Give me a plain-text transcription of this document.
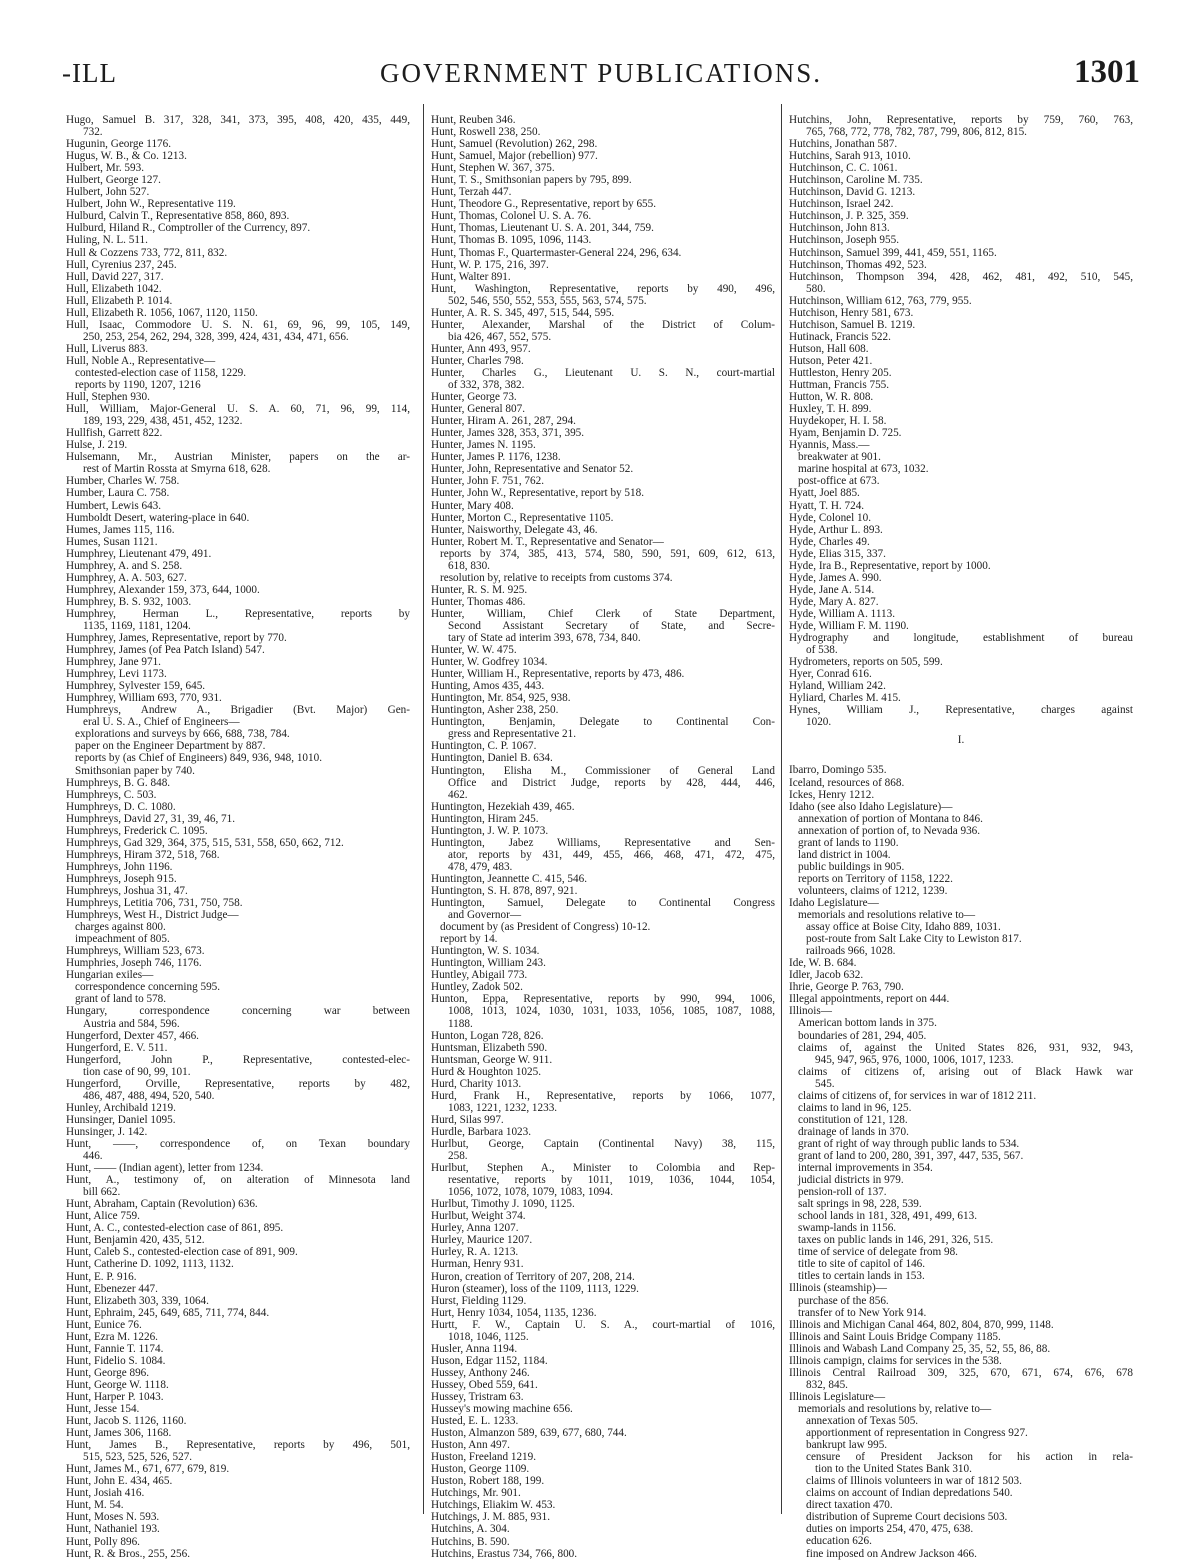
-ILL	GOVERNMENT PUBLICATIONS.	1301
Hugo, Samuel B. 317, 328, 341, 373, 395, 408, 420, 435, 449,
732.
Hugunin, George 1176.
Hugus, W. B., & Co. 1213.
Hulbert, Mr. 593.
Hulbert, George 127.
Hulbert, John 527.
Hulbert, John W., Representative 119.
Hulburd, Calvin T., Representative 858, 860, 893.
Hulburd, Hiland R., Comptroller of the Currency, 897.
Huling, N. L. 511.
Hull & Cozzens 733, 772, 811, 832.
Hull, Cyrenius 237, 245.
Hull, David 227, 317.
Hull, Elizabeth 1042.
Hull, Elizabeth P. 1014.
Hull, Elizabeth R. 1056, 1067, 1120, 1150.
Hull, Isaac, Commodore U. S. N. 61, 69, 96, 99, 105, 149,
250, 253, 254, 262, 294, 328, 399, 424, 431, 434, 471, 656.
Hull, Liverus 883.
Hull, Noble A., Representative—
contested-election case of 1158, 1229.
reports by 1190, 1207, 1216
Hull, Stephen 930.
Hull, William, Major-General U. S. A. 60, 71, 96, 99, 114,
189, 193, 229, 438, 451, 452, 1232.
Hullfish, Garrett 822.
Hulse, J. 219.
Hulsemann, Mr., Austrian Minister, papers on the ar-
rest of Martin Rossta at Smyrna 618, 628.
Humber, Charles W. 758.
Humber, Laura C. 758.
Humbert, Lewis 643.
Humboldt Desert, watering-place in 640.
Humes, James 115, 116.
Humes, Susan 1121.
Humphrey, Lieutenant 479, 491.
Humphrey, A. and S. 258.
Humphrey, A. A. 503, 627.
Humphrey, Alexander 159, 373, 644, 1000.
Humphrey, B. S. 932, 1003.
Humphrey, Herman L., Representative, reports by
1135, 1169, 1181, 1204.
Humphrey, James, Representative, report by 770.
Humphrey, James (of Pea Patch Island) 547.
Humphrey, Jane 971.
Humphrey, Levi 1173.
Humphrey, Sylvester 159, 645.
Humphrey, William 693, 770, 931.
Humphreys, Andrew A., Brigadier (Bvt. Major) Gen-
eral U. S. A., Chief of Engineers—
explorations and surveys by 666, 688, 738, 784.
paper on the Engineer Department by 887.
reports by (as Chief of Engineers) 849, 936, 948, 1010.
Smithsonian paper by 740.
Humphreys, B. G. 848.
Humphreys, C. 503.
Humphreys, D. C. 1080.
Humphreys, David 27, 31, 39, 46, 71.
Humphreys, Frederick C. 1095.
Humphreys, Gad 329, 364, 375, 515, 531, 558, 650, 662, 712.
Humphreys, Hiram 372, 518, 768.
Humphreys, John 1196.
Humphreys, Joseph 915.
Humphreys, Joshua 31, 47.
Humphreys, Letitia 706, 731, 750, 758.
Humphreys, West H., District Judge—
charges against 800.
impeachment of 805.
Humphreys, William 523, 673.
Humphries, Joseph 746, 1176.
Hungarian exiles—
correspondence concerning 595.
grant of land to 578.
Hungary, correspondence concerning war between
Austria and 584, 596.
Hungerford, Dexter 457, 466.
Hungerford, E. V. 511.
Hungerford, John P., Representative, contested-elec-
tion case of 90, 99, 101.
Hungerford, Orville, Representative, reports by 482,
486, 487, 488, 494, 520, 540.
Hunley, Archibald 1219.
Hunsinger, Daniel 1095.
Hunsinger, J. 142.
Hunt, ——, correspondence of, on Texan boundary
446.
Hunt, —— (Indian agent), letter from 1234.
Hunt, A., testimony of, on alteration of Minnesota land
bill 662.
Hunt, Abraham, Captain (Revolution) 636.
Hunt, Alice 759.
Hunt, A. C., contested-election case of 861, 895.
Hunt, Benjamin 420, 435, 512.
Hunt, Caleb S., contested-election case of 891, 909.
Hunt, Catherine D. 1092, 1113, 1132.
Hunt, E. P. 916.
Hunt, Ebenezer 447.
Hunt, Elizabeth 303, 339, 1064.
Hunt, Ephraim, 245, 649, 685, 711, 774, 844.
Hunt, Eunice 76.
Hunt, Ezra M. 1226.
Hunt, Fannie T. 1174.
Hunt, Fidelio S. 1084.
Hunt, George 896.
Hunt, George W. 1118.
Hunt, Harper P. 1043.
Hunt, Jesse 154.
Hunt, Jacob S. 1126, 1160.
Hunt, James 306, 1168.
Hunt, James B., Representative, reports by 496, 501,
515, 523, 525, 526, 527.
Hunt, James M., 671, 677, 679, 819.
Hunt, John E. 434, 465.
Hunt, Josiah 416.
Hunt, M. 54.
Hunt, Moses N. 593.
Hunt, Nathaniel 193.
Hunt, Polly 896.
Hunt, R. & Bros., 255, 256.
Hunt, Reuben 346.
Hunt, Roswell 238, 250.
Hunt, Samuel (Revolution) 262, 298.
Hunt, Samuel, Major (rebellion) 977.
Hunt, Stephen W. 367, 375.
Hunt, T. S., Smithsonian papers by 795, 899.
Hunt, Terzah 447.
Hunt, Theodore G., Representative, report by 655.
Hunt, Thomas, Colonel U. S. A. 76.
Hunt, Thomas, Lieutenant U. S. A. 201, 344, 759.
Hunt, Thomas B. 1095, 1096, 1143.
Hunt, Thomas F., Quartermaster-General 224, 296, 634.
Hunt, W. P. 175, 216, 397.
Hunt, Walter 891.
Hunt, Washington, Representative, reports by 490, 496,
502, 546, 550, 552, 553, 555, 563, 574, 575.
Hunter, A. R. S. 345, 497, 515, 544, 595.
Hunter, Alexander, Marshal of the District of Colum-
bia 426, 467, 552, 575.
Hunter, Ann 493, 957.
Hunter, Charles 798.
Hunter, Charles G., Lieutenant U. S. N., court-martial
of 332, 378, 382.
Hunter, George 73.
Hunter, General 807.
Hunter, Hiram A. 261, 287, 294.
Hunter, James 328, 353, 371, 395.
Hunter, James N. 1195.
Hunter, James P. 1176, 1238.
Hunter, John, Representative and Senator 52.
Hunter, John F. 751, 762.
Hunter, John W., Representative, report by 518.
Hunter, Mary 408.
Hunter, Morton C., Representative 1105.
Hunter, Naisworthy, Delegate 43, 46.
Hunter, Robert M. T., Representative and Senator—
reports by 374, 385, 413, 574, 580, 590, 591, 609, 612, 613,
618, 830.
resolution by, relative to receipts from customs 374.
Hunter, R. S. M. 925.
Hunter, Thomas 486.
Hunter, William, Chief Clerk of State Department,
Second Assistant Secretary of State, and Secre-
tary of State ad interim 393, 678, 734, 840.
Hunter, W. W. 475.
Hunter, W. Godfrey 1034.
Hunter, William H., Representative, reports by 473, 486.
Hunting, Amos 435, 443.
Huntington, Mr. 854, 925, 938.
Huntington, Asher 238, 250.
Huntington, Benjamin, Delegate to Continental Con-
gress and Representative 21.
Huntington, C. P. 1067.
Huntington, Daniel B. 634.
Huntington, Elisha M., Commissioner of General Land
Office and District Judge, reports by 428, 444, 446,
462.
Huntington, Hezekiah 439, 465.
Huntington, Hiram 245.
Huntington, J. W. P. 1073.
Huntington, Jabez Williams, Representative and Sen-
ator, reports by 431, 449, 455, 466, 468, 471, 472, 475,
478, 479, 483.
Huntington, Jeannette C. 415, 546.
Huntington, S. H. 878, 897, 921.
Huntington, Samuel, Delegate to Continental Congress
and Governor—
document by (as President of Congress) 10-12.
report by 14.
Huntington, W. S. 1034.
Huntington, William 243.
Huntley, Abigail 773.
Huntley, Zadok 502.
Hunton, Eppa, Representative, reports by 990, 994, 1006,
1008, 1013, 1024, 1030, 1031, 1033, 1056, 1085, 1087, 1088,
1188.
Hunton, Logan 728, 826.
Huntsman, Elizabeth 590.
Huntsman, George W. 911.
Hurd & Houghton 1025.
Hurd, Charity 1013.
Hurd, Frank H., Representative, reports by 1066, 1077,
1083, 1221, 1232, 1233.
Hurd, Silas 997.
Hurdle, Barbara 1023.
Hurlbut, George, Captain (Continental Navy) 38, 115,
258.
Hurlbut, Stephen A., Minister to Colombia and Rep-
resentative, reports by 1011, 1019, 1036, 1044, 1054,
1056, 1072, 1078, 1079, 1083, 1094.
Hurlbut, Timothy J. 1090, 1125.
Hurlbut, Weight 374.
Hurley, Anna 1207.
Hurley, Maurice 1207.
Hurley, R. A. 1213.
Hurman, Henry 931.
Huron, creation of Territory of 207, 208, 214.
Huron (steamer), loss of the 1109, 1113, 1229.
Hurst, Fielding 1129.
Hurt, Henry 1034, 1054, 1135, 1236.
Hurtt, F. W., Captain U. S. A., court-martial of 1016,
1018, 1046, 1125.
Husler, Anna 1194.
Huson, Edgar 1152, 1184.
Hussey, Anthony 246.
Hussey, Obed 559, 641.
Hussey, Tristram 63.
Hussey's mowing machine 656.
Husted, E. L. 1233.
Huston, Almanzon 589, 639, 677, 680, 744.
Huston, Ann 497.
Huston, Freeland 1219.
Huston, George 1109.
Huston, Robert 188, 199.
Hutchings, Mr. 901.
Hutchings, Eliakim W. 453.
Hutchings, J. M. 885, 931.
Hutchins, A. 304.
Hutchins, B. 590.
Hutchins, Erastus 734, 766, 800.
Hutchins, John, Representative, reports by 759, 760, 763,
765, 768, 772, 778, 782, 787, 799, 806, 812, 815.
Hutchins, Jonathan 587.
Hutchins, Sarah 913, 1010.
Hutchinson, C. C. 1061.
Hutchinson, Caroline M. 735.
Hutchinson, David G. 1213.
Hutchinson, Israel 242.
Hutchinson, J. P. 325, 359.
Hutchinson, John 813.
Hutchinson, Joseph 955.
Hutchinson, Samuel 399, 441, 459, 551, 1165.
Hutchinson, Thomas 492, 523.
Hutchinson, Thompson 394, 428, 462, 481, 492, 510, 545,
580.
Hutchinson, William 612, 763, 779, 955.
Hutchison, Henry 581, 673.
Hutchison, Samuel B. 1219.
Hutinack, Francis 522.
Hutson, Hall 608.
Hutson, Peter 421.
Huttleston, Henry 205.
Huttman, Francis 755.
Hutton, W. R. 808.
Huxley, T. H. 899.
Huydekoper, H. I. 58.
Hyam, Benjamin D. 725.
Hyannis, Mass.—
breakwater at 901.
marine hospital at 673, 1032.
post-office at 673.
Hyatt, Joel 885.
Hyatt, T. H. 724.
Hyde, Colonel 10.
Hyde, Arthur L. 893.
Hyde, Charles 49.
Hyde, Elias 315, 337.
Hyde, Ira B., Representative, report by 1000.
Hyde, James A. 990.
Hyde, Jane A. 514.
Hyde, Mary A. 827.
Hyde, William A. 1113.
Hyde, William F. M. 1190.
Hydrography and longitude, establishment of bureau
of 538.
Hydrometers, reports on 505, 599.
Hyer, Conrad 616.
Hyland, William 242.
Hyliard, Charles M. 415.
Hynes, William J., Representative, charges against
1020.
I.
Ibarro, Domingo 535.
Iceland, resources of 868.
Ickes, Henry 1212.
Idaho (see also Idaho Legislature)—
annexation of portion of Montana to 846.
annexation of portion of, to Nevada 936.
grant of lands to 1190.
land district in 1004.
public buildings in 905.
reports on Territory of 1158, 1222.
volunteers, claims of 1212, 1239.
Idaho Legislature—
memorials and resolutions relative to—
assay office at Boise City, Idaho 889, 1031.
post-route from Salt Lake City to Lewiston 817.
railroads 966, 1028.
Ide, W. B. 684.
Idler, Jacob 632.
Ihrie, George P. 763, 790.
Illegal appointments, report on 444.
Illinois—
American bottom lands in 375.
boundaries of 281, 294, 405.
claims of, against the United States 826, 931, 932, 943,
945, 947, 965, 976, 1000, 1006, 1017, 1233.
claims of citizens of, arising out of Black Hawk war
545.
claims of citizens of, for services in war of 1812 211.
claims to land in 96, 125.
constitution of 121, 128.
drainage of lands in 370.
grant of right of way through public lands to 534.
grant of land to 200, 280, 391, 397, 447, 535, 567.
internal improvements in 354.
judicial districts in 979.
pension-roll of 137.
salt springs in 98, 228, 539.
school lands in 181, 328, 491, 499, 613.
swamp-lands in 1156.
taxes on public lands in 146, 291, 326, 515.
time of service of delegate from 98.
title to site of capitol of 146.
titles to certain lands in 153.
Illinois (steamship)—
purchase of the 856.
transfer of to New York 914.
Illinois and Michigan Canal 464, 802, 804, 870, 999, 1148.
Illinois and Saint Louis Bridge Company 1185.
Illinois and Wabash Land Company 25, 35, 52, 55, 86, 88.
Illinois campign, claims for services in the 538.
Illinois Central Railroad 309, 325, 670, 671, 674, 676, 678
832, 845.
Illinois Legislature—
memorials and resolutions by, relative to—
annexation of Texas 505.
apportionment of representation in Congress 927.
bankrupt law 995.
censure of President Jackson for his action in rela-
tion to the United States Bank 310.
claims of Illinois volunteers in war of 1812 503.
claims on account of Indian depredations 540.
direct taxation 470.
distribution of Supreme Court decisions 503.
duties on imports 254, 470, 475, 638.
education 626.
fine imposed on Andrew Jackson 466.
